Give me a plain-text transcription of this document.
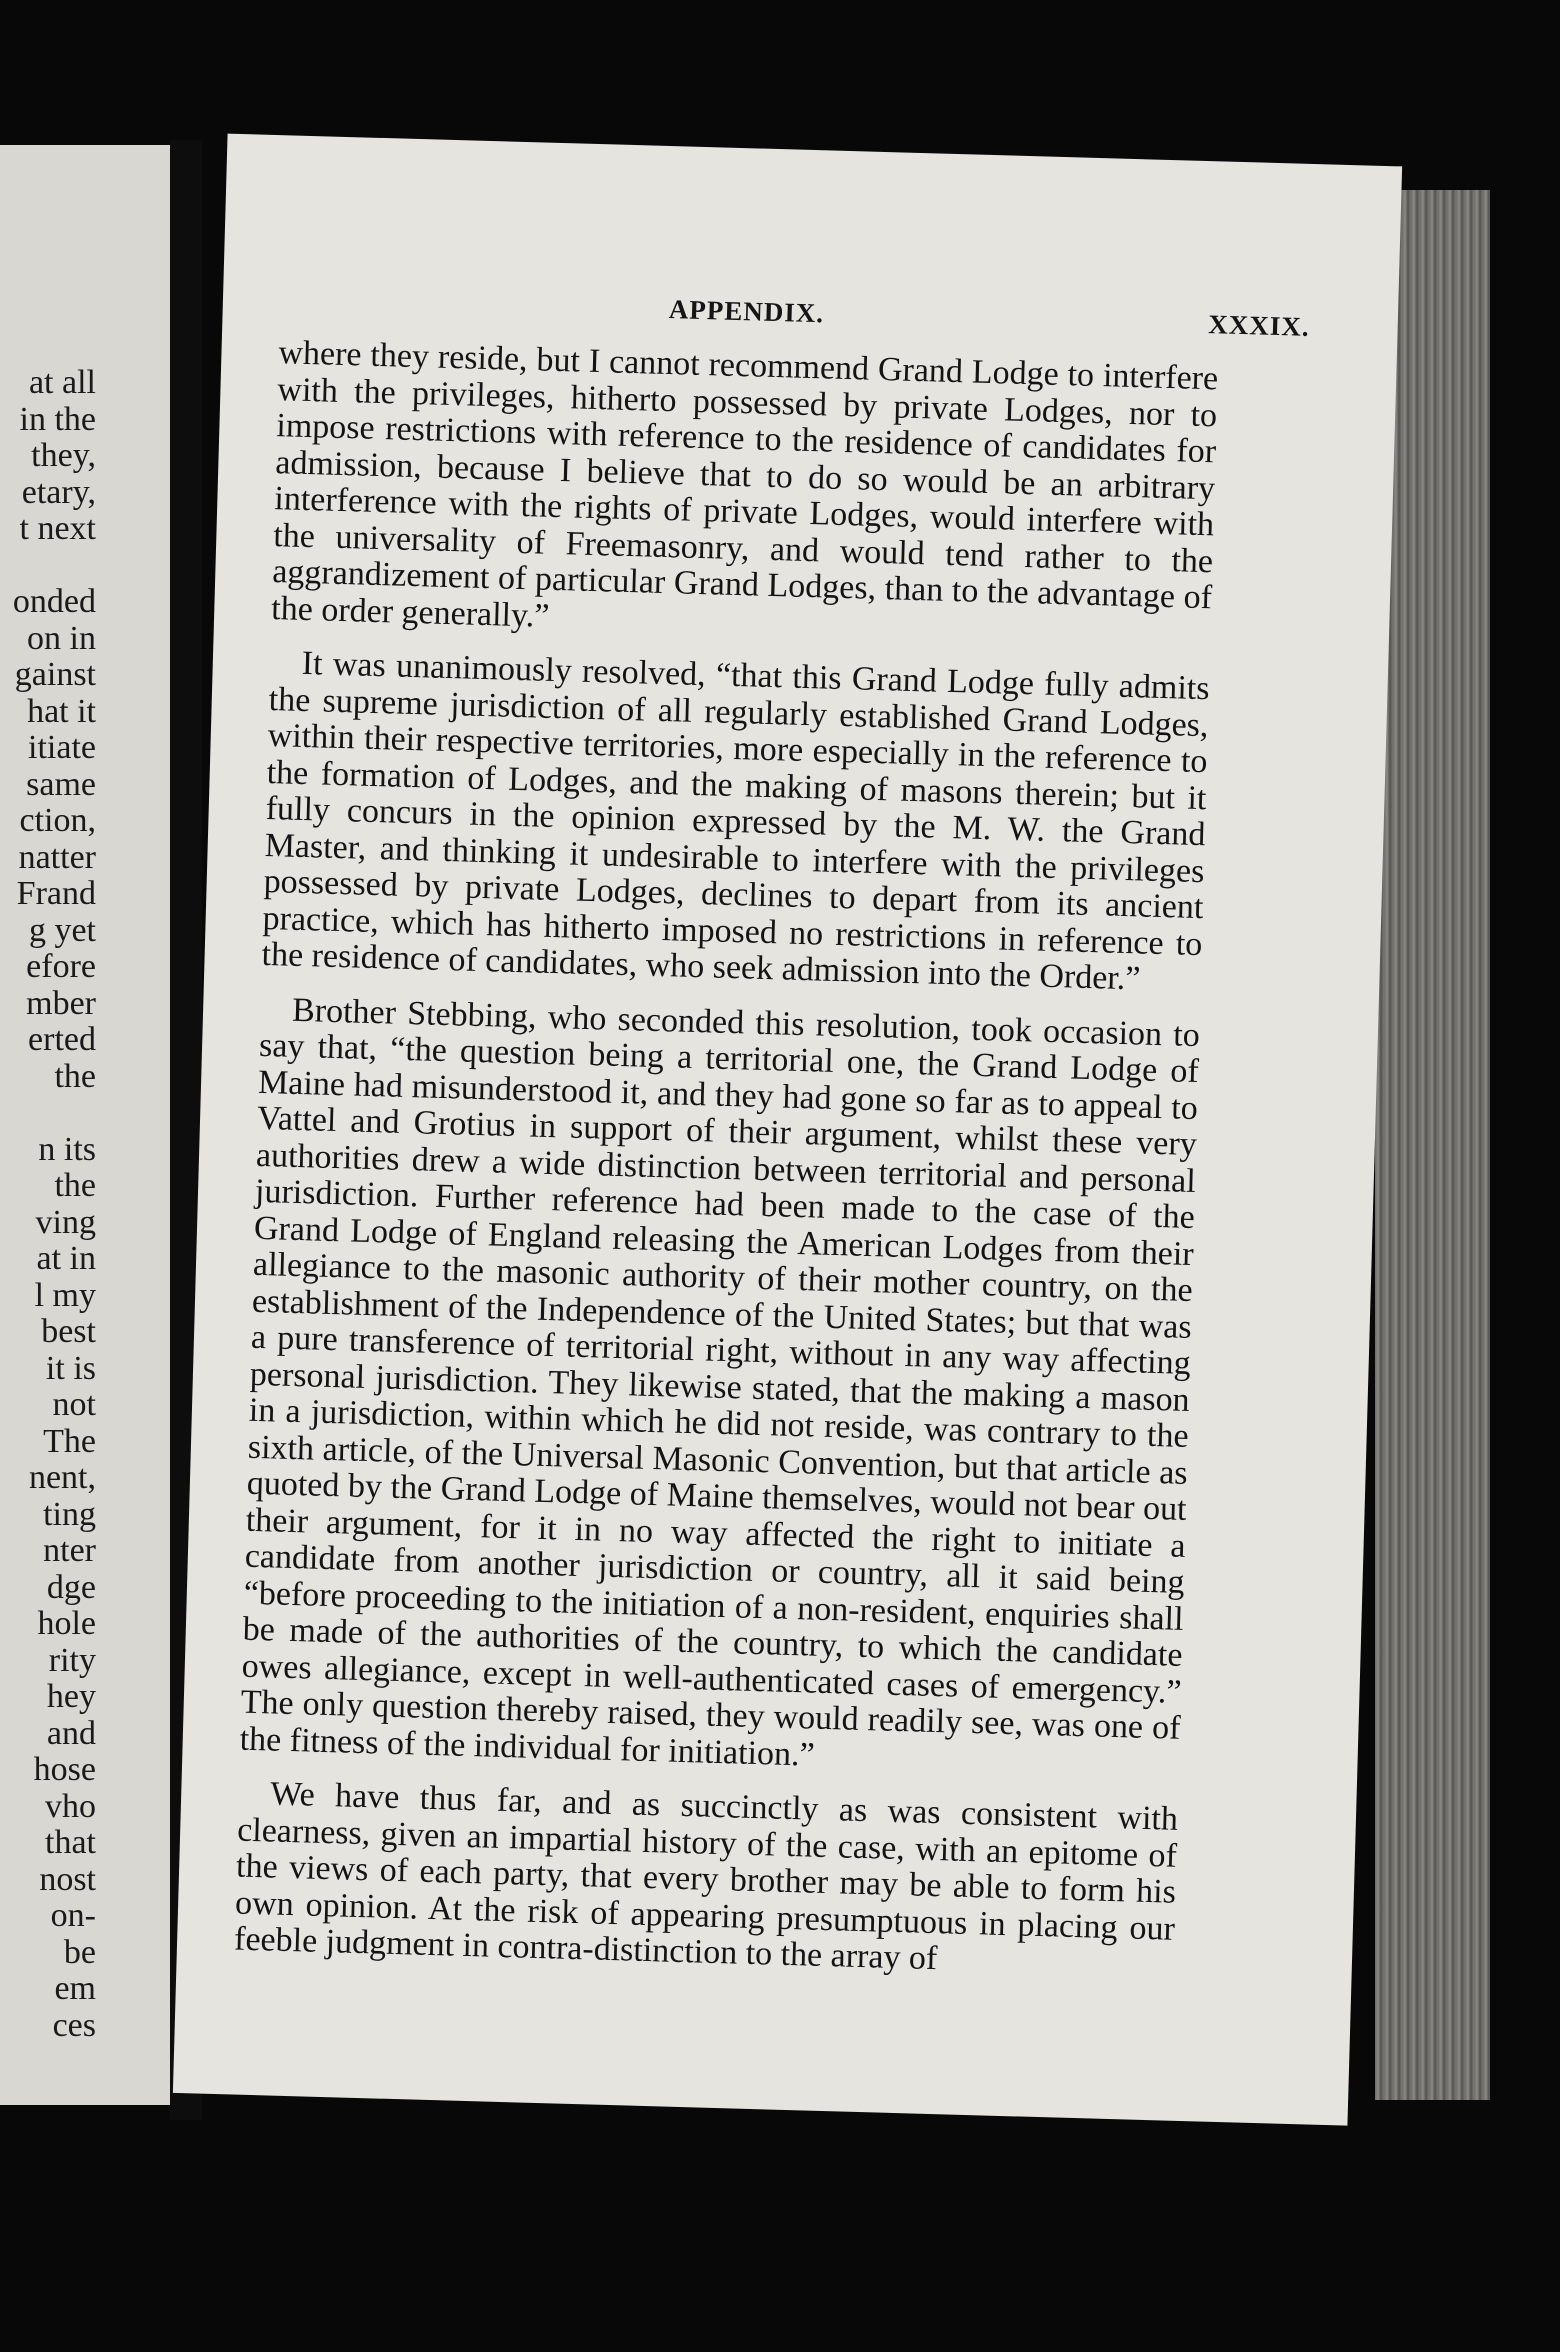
at all
in the
they,
etary,
t next
onded
on in
gainst
hat it
itiate
same
ction,
natter
Frand
g yet
efore
mber
erted
the
n its
the
ving
at in
l my
best
it is
not
The
nent,
ting
nter
dge
hole
rity
hey
and
hose
vho
that
nost
on-
be
em
ces
APPENDIX.	XXXIX.

where they reside, but I cannot recommend Grand Lodge to interfere with the privileges, hitherto possessed by private Lodges, nor to impose restrictions with reference to the residence of candidates for admission, because I believe that to do so would be an arbitrary interference with the rights of private Lodges, would interfere with the universality of Freemasonry, and would tend rather to the aggrandizement of particular Grand Lodges, than to the advantage of the order generally.”

It was unanimously resolved, “that this Grand Lodge fully admits the supreme jurisdiction of all regularly established Grand Lodges, within their respective territories, more especially in the reference to the formation of Lodges, and the making of masons therein; but it fully concurs in the opinion expressed by the M. W. the Grand Master, and thinking it undesirable to interfere with the privileges possessed by private Lodges, declines to depart from its ancient practice, which has hitherto imposed no restrictions in reference to the residence of candidates, who seek admission into the Order.”

Brother Stebbing, who seconded this resolution, took occasion to say that, “the question being a territorial one, the Grand Lodge of Maine had misunderstood it, and they had gone so far as to appeal to Vattel and Grotius in support of their argument, whilst these very authorities drew a wide distinction between territorial and personal jurisdiction. Further reference had been made to the case of the Grand Lodge of England releasing the American Lodges from their allegiance to the masonic authority of their mother country, on the establishment of the Independence of the United States; but that was a pure transference of territorial right, without in any way affecting personal jurisdiction. They likewise stated, that the making a mason in a jurisdiction, within which he did not reside, was contrary to the sixth article, of the Universal Masonic Convention, but that article as quoted by the Grand Lodge of Maine themselves, would not bear out their argument, for it in no way affected the right to initiate a candidate from another jurisdiction or country, all it said being “before proceeding to the initiation of a non-resident, enquiries shall be made of the authorities of the country, to which the candidate owes allegiance, except in well-authenticated cases of emergency.” The only question thereby raised, they would readily see, was one of the fitness of the individual for initiation.”

We have thus far, and as succinctly as was consistent with clearness, given an impartial history of the case, with an epitome of the views of each party, that every brother may be able to form his own opinion. At the risk of appearing presumptuous in placing our feeble judgment in contra-distinction to the array of
